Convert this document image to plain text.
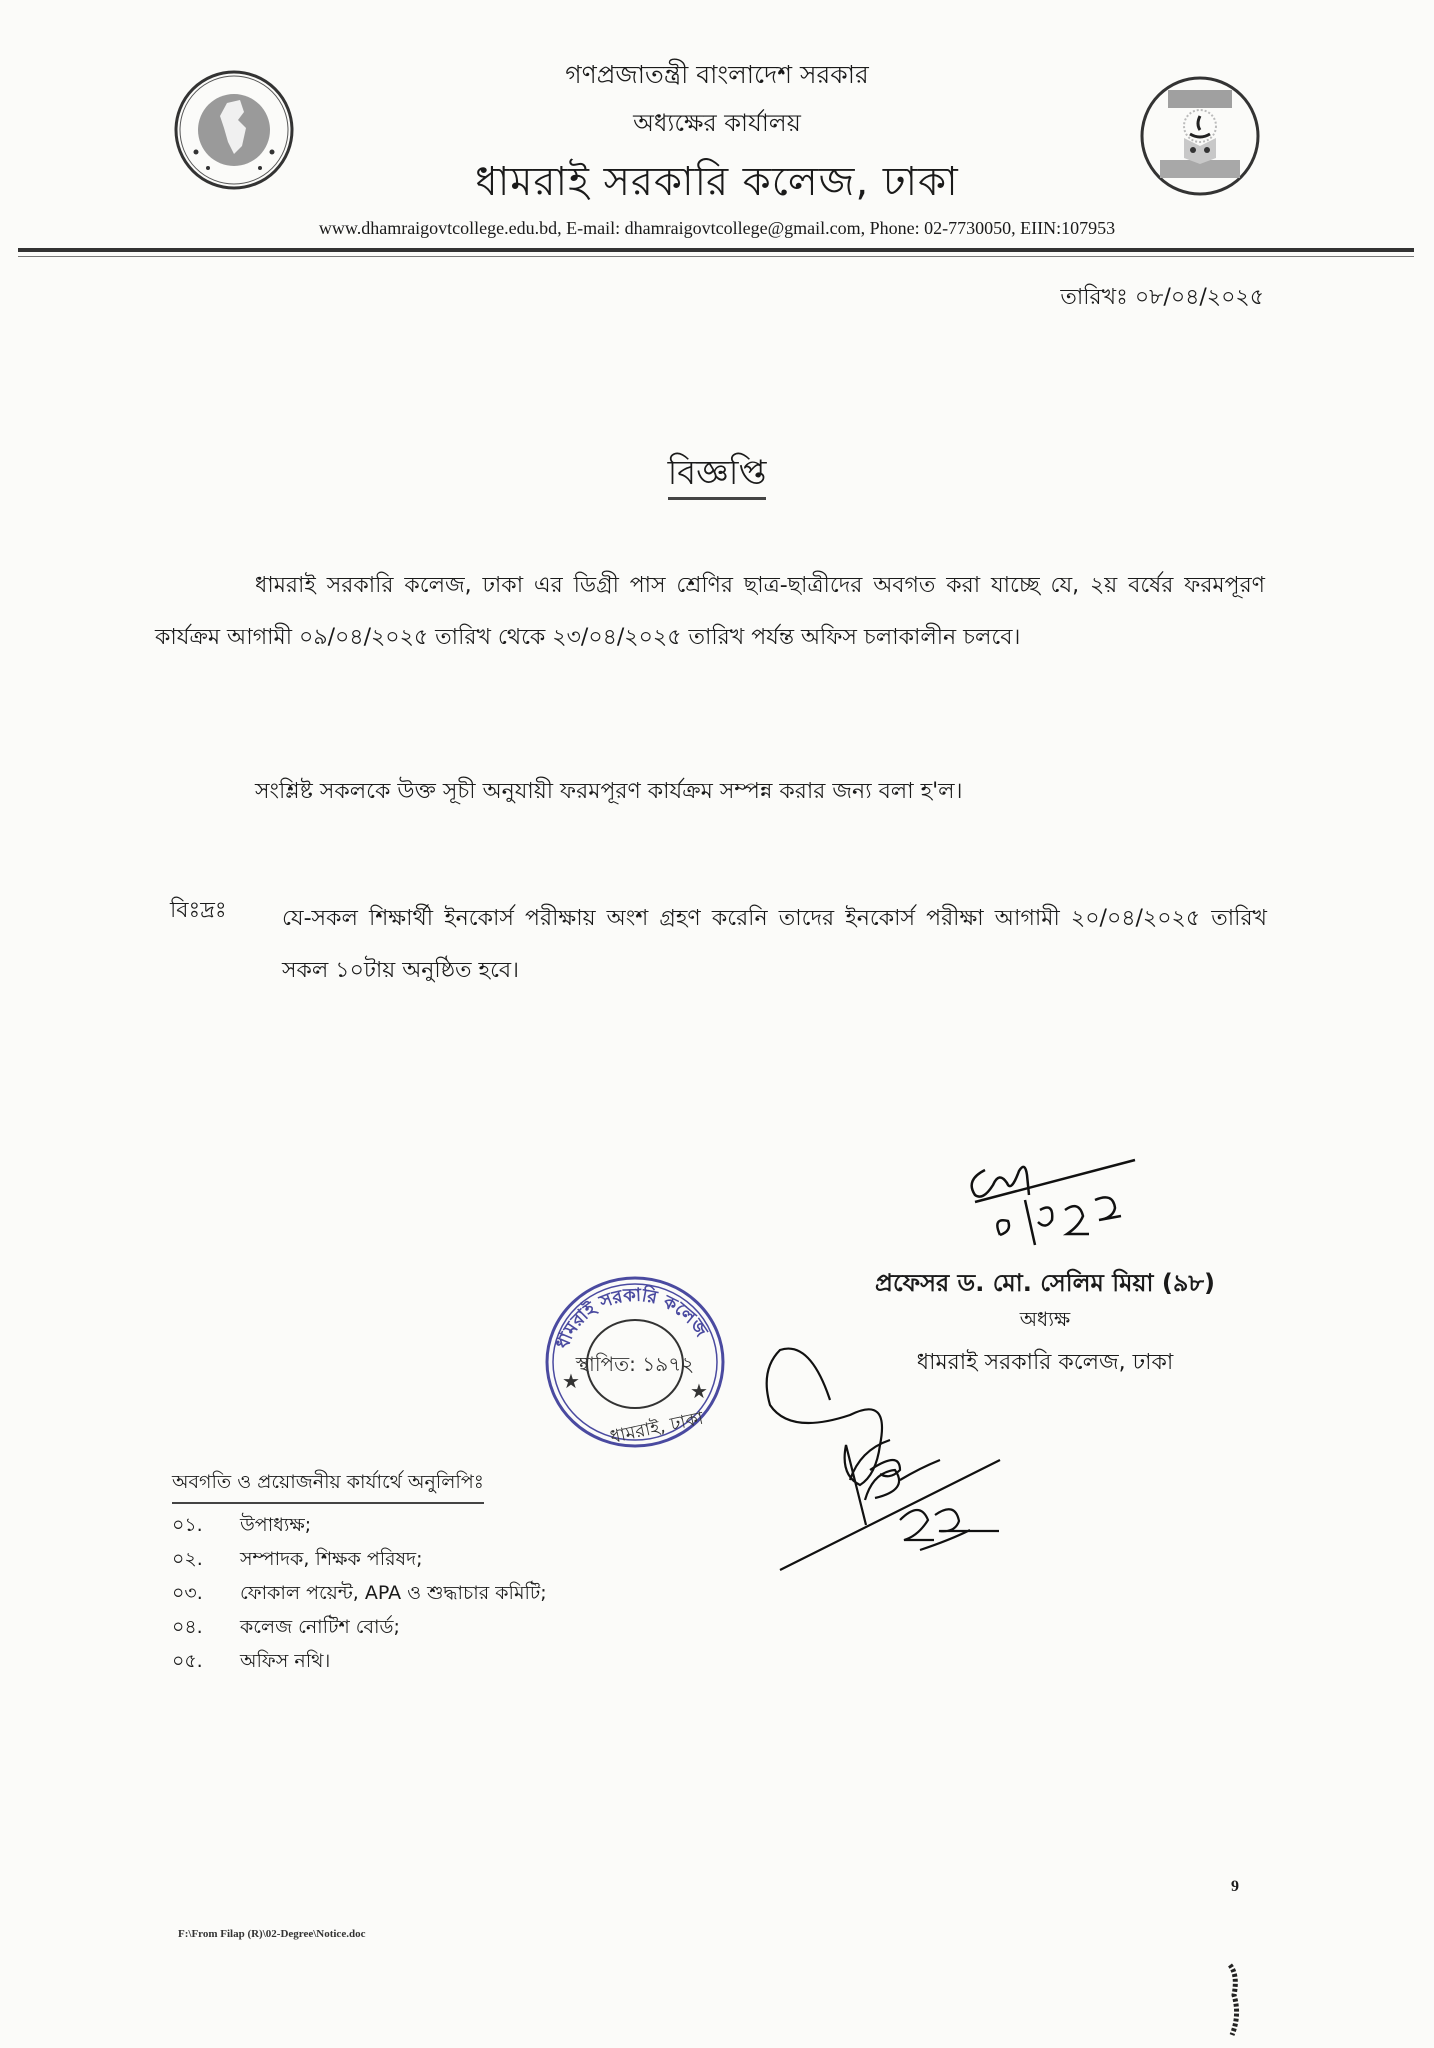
গণপ্রজাতন্ত্রী বাংলাদেশ সরকার
অধ্যক্ষের কার্যালয়
ধামরাই সরকারি কলেজ, ঢাকা
www.dhamraigovtcollege.edu.bd, E-mail: dhamraigovtcollege@gmail.com, Phone: 02-7730050, EIIN:107953
তারিখঃ ০৮/০৪/২০২৫
বিজ্ঞপ্তি
ধামরাই সরকারি কলেজ, ঢাকা এর ডিগ্রী পাস শ্রেণির ছাত্র-ছাত্রীদের অবগত করা যাচ্ছে যে, ২য় বর্ষের ফরমপূরণ কার্যক্রম আগামী ০৯/০৪/২০২৫ তারিখ থেকে ২৩/০৪/২০২৫ তারিখ পর্যন্ত অফিস চলাকালীন চলবে।
সংশ্লিষ্ট সকলকে উক্ত সূচী অনুযায়ী ফরমপূরণ কার্যক্রম সম্পন্ন করার জন্য বলা হ'ল।
বিঃদ্রঃ	যে-সকল শিক্ষার্থী ইনকোর্স পরীক্ষায় অংশ গ্রহণ করেনি তাদের ইনকোর্স পরীক্ষা আগামী ২০/০৪/২০২৫ তারিখ সকল ১০টায় অনুষ্ঠিত হবে।
প্রফেসর ড. মো. সেলিম মিয়া (৯৮)
অধ্যক্ষ
ধামরাই সরকারি কলেজ, ঢাকা
স্থাপিত: ১৯৭২
★	★
ধামরাই সরকারি কলেজ
ধামরাই, ঢাকা
অবগতি ও প্রয়োজনীয় কার্যার্থে অনুলিপিঃ
০১.	উপাধ্যক্ষ;
০২.	সম্পাদক, শিক্ষক পরিষদ;
০৩.	ফোকাল পয়েন্ট, APA ও শুদ্ধাচার কমিটি;
০৪.	কলেজ নোটিশ বোর্ড;
০৫.	অফিস নথি।
F:\From Filap (R)\02-Degree\Notice.doc
9
